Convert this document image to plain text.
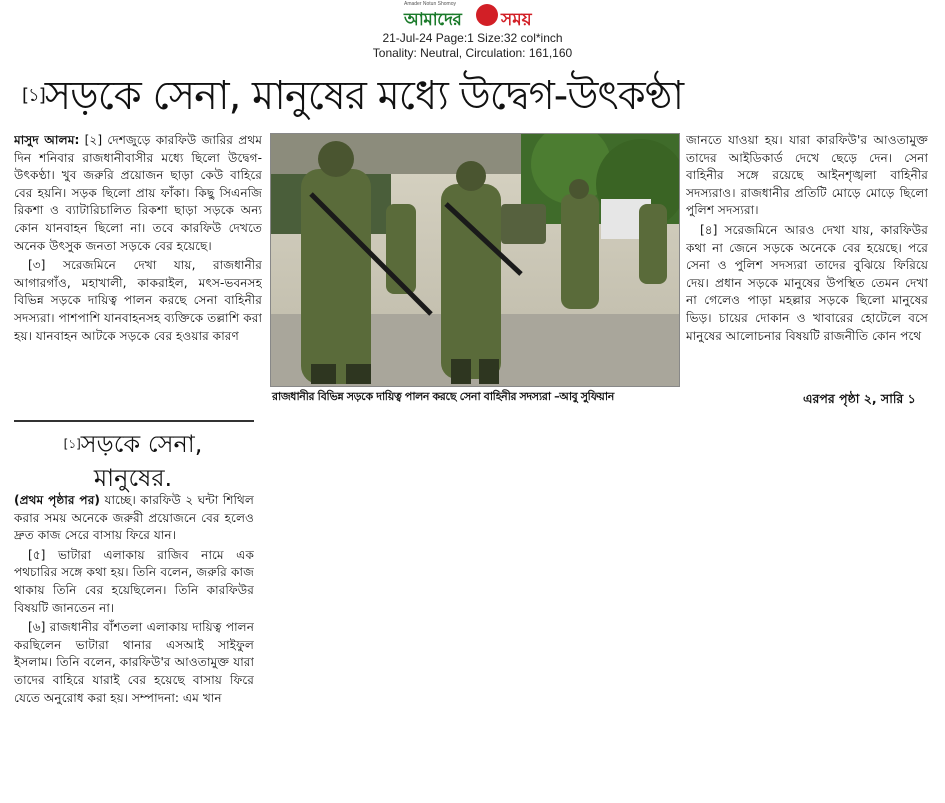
Amader Notun Shomoy
আমাদের সময়
21-Jul-24 Page:1 Size:32 col*inch
Tonality: Neutral, Circulation: 161,160
[১]সড়কে সেনা, মানুষের মধ্যে উদ্বেগ-উৎকণ্ঠা

মাসুদ আলম: [২] দেশজুড়ে কারফিউ জারির প্রথম দিন শনিবার রাজধানীবাসীর মধ্যে ছিলো উদ্বেগ-উৎকণ্ঠা। খুব জরুরি প্রয়োজন ছাড়া কেউ বাহিরে বের হয়নি। সড়ক ছিলো প্রায় ফাঁকা। কিছু সিএনজি রিকশা ও ব্যাটারিচালিত রিকশা ছাড়া সড়কে অন্য কোন যানবাহন ছিলো না। তবে কারফিউ দেখতে অনেক উৎসুক জনতা সড়কে বের হয়েছে।

[৩] সরেজমিনে দেখা যায়, রাজধানীর আগারগাঁও, মহাখালী, কাকরাইল, মৎস-ভবনসহ বিভিন্ন সড়কে দায়িত্ব পালন করছে সেনা বাহিনীর সদস্যরা। পাশপাশি যানবাহনসহ ব্যক্তিকে তল্লাশি করা হয়। যানবাহন আটকে সড়কে বের হওয়ার কারণ

রাজধানীর বিভিন্ন সড়কে দায়িত্ব পালন করছে সেনা বাহিনীর সদস্যরা –আবু সুফিয়ান

জানতে যাওয়া হয়। যারা কারফিউ'র আওতামুক্ত তাদের আইডিকার্ড দেখে ছেড়ে দেন। সেনা বাহিনীর সঙ্গে রয়েছে আইনশৃঙ্খলা বাহিনীর সদস্যরাও। রাজধানীর প্রতিটি মোড়ে মোড়ে ছিলো পুলিশ সদস্যরা।

[৪] সরেজমিনে আরও দেখা যায়, কারফিউর কথা না জেনে সড়কে অনেকে বের হয়েছে। পরে সেনা ও পুলিশ সদস্যরা তাদের বুঝিয়ে ফিরিয়ে দেয়। প্রধান সড়কে মানুষের উপস্থিত তেমন দেখা না গেলেও পাড়া মহল্লার সড়কে ছিলো মানুষের ভিড়। চায়ের দোকান ও খাবারের হোটেলে বসে মানুষের আলোচনার বিষয়টি রাজনীতি কোন পথে

এরপর পৃষ্ঠা ২, সারি ১
[১]সড়কে সেনা,
মানুষের.

(প্রথম পৃষ্ঠার পর) যাচ্ছে। কারফিউ ২ ঘন্টা শিথিল করার সময় অনেকে জরুরী প্রয়োজনে বের হলেও দ্রুত কাজ সেরে বাসায় ফিরে যান।

[৫] ভাটারা এলাকায় রাজিব নামে এক পথচারির সঙ্গে কথা হয়। তিনি বলেন, জরুরি কাজ থাকায় তিনি বের হয়েছিলেন। তিনি কারফিউর বিষয়টি জানতেন না।

[৬] রাজধানীর বাঁশতলা এলাকায় দায়িত্ব পালন করছিলেন ভাটারা থানার এসআই সাইফুল ইসলাম। তিনি বলেন, কারফিউ'র আওতামুক্ত যারা তাদের বাহিরে যারাই বের হয়েছে বাসায় ফিরে যেতে অনুরোধ করা হয়। সম্পাদনা: এম খান
